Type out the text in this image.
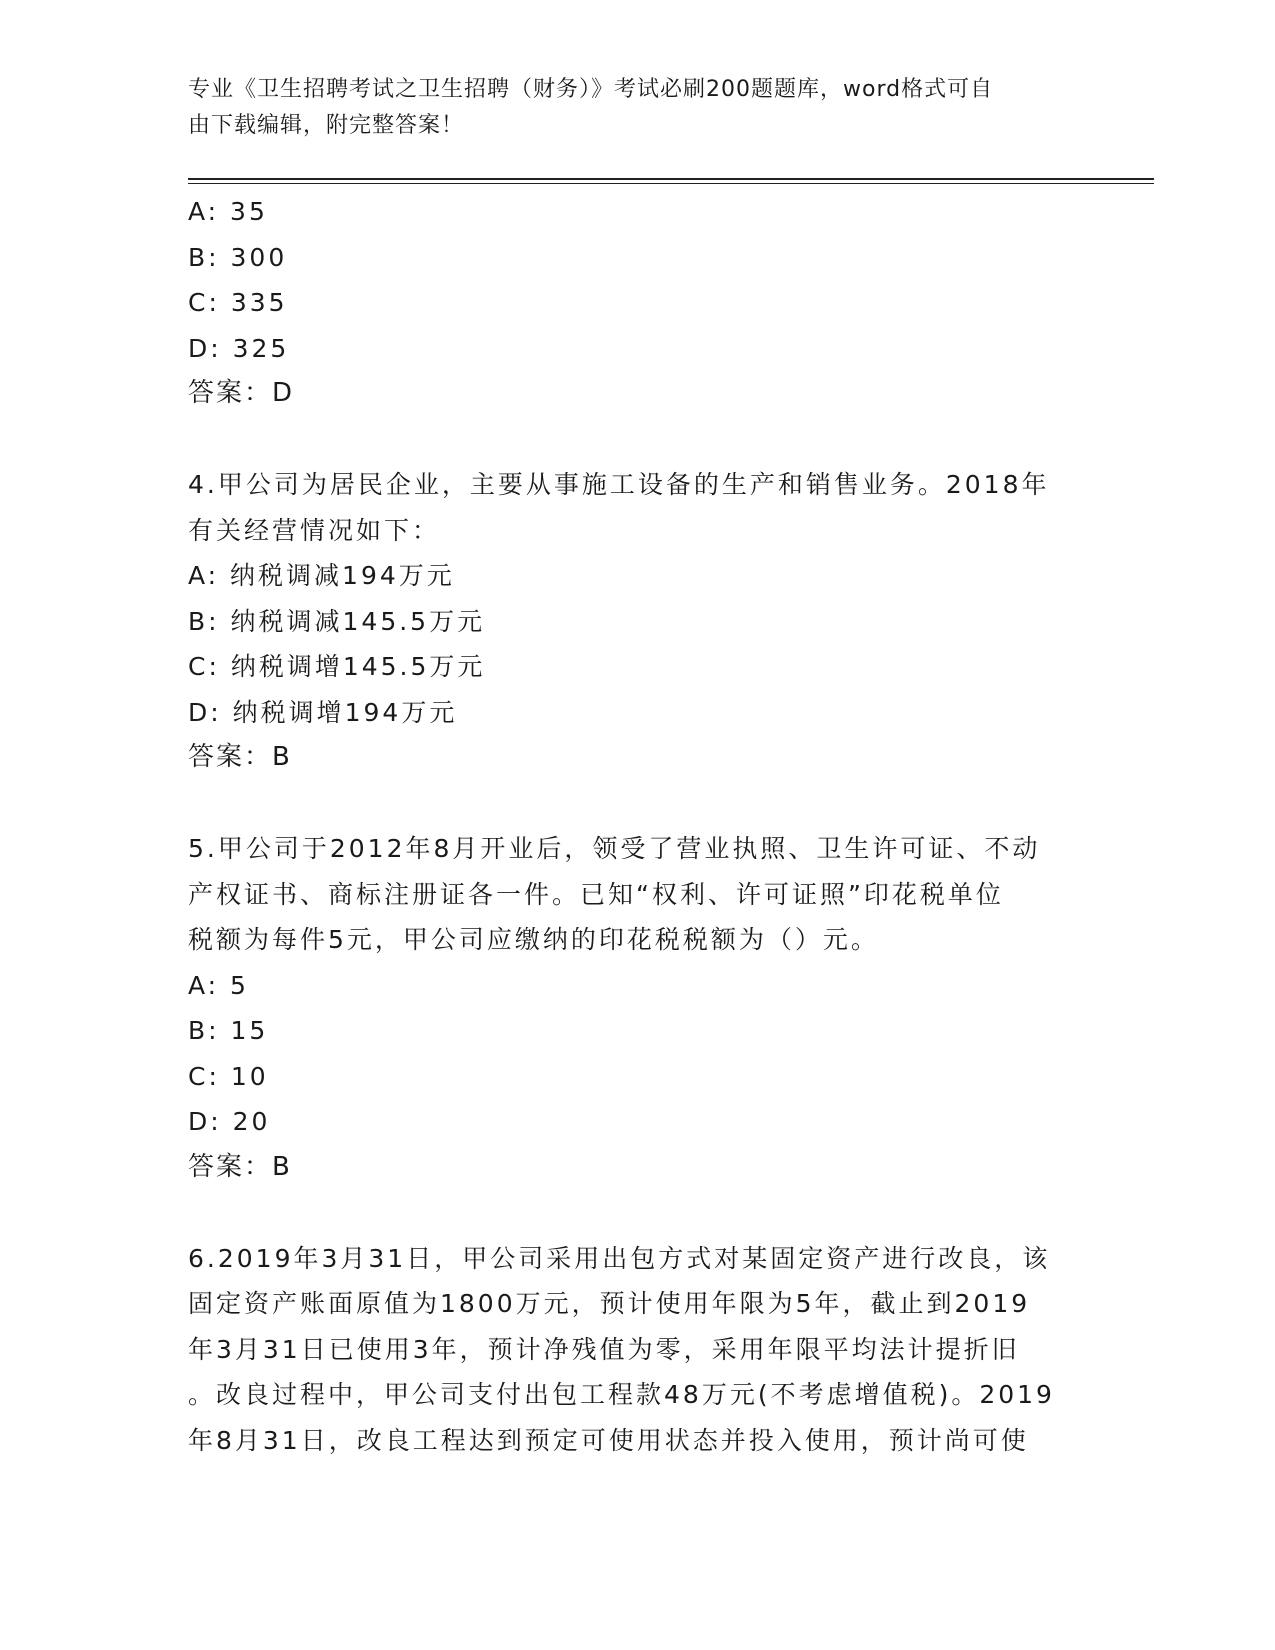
专业《卫生招聘考试之卫生招聘（财务）》考试必刷200题题库，word格式可自
由下载编辑，附完整答案！
A: 35
B: 300
C: 335
D: 325
答案：D
4.甲公司为居民企业，主要从事施工设备的生产和销售业务。2018年
有关经营情况如下：
A: 纳税调减194万元
B: 纳税调减145.5万元
C: 纳税调增145.5万元
D: 纳税调增194万元
答案：B
5.甲公司于2012年8月开业后，领受了营业执照、卫生许可证、不动
产权证书、商标注册证各一件。已知“权利、许可证照”印花税单位
税额为每件5元，甲公司应缴纳的印花税税额为（）元。
A: 5
B: 15
C: 10
D: 20
答案：B
6.2019年3月31日，甲公司采用出包方式对某固定资产进行改良，该
固定资产账面原值为1800万元，预计使用年限为5年，截止到2019
年3月31日已使用3年，预计净残值为零，采用年限平均法计提折旧
。改良过程中，甲公司支付出包工程款48万元(不考虑增值税)。2019
年8月31日，改良工程达到预定可使用状态并投入使用，预计尚可使
